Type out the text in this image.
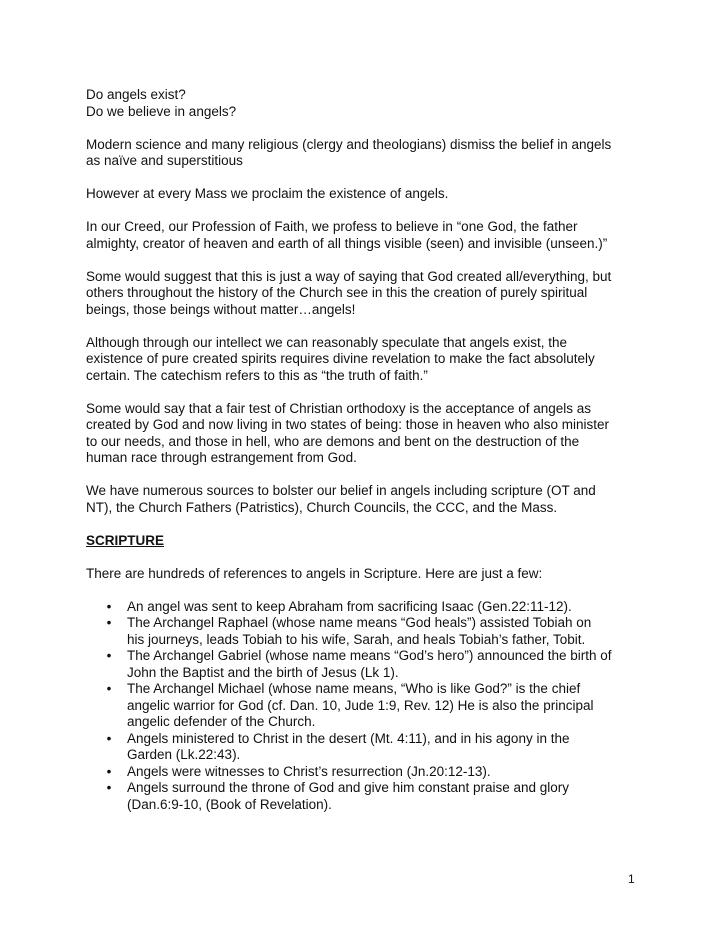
Do angels exist?
Do we believe in angels?
Modern science and many religious (clergy and theologians) dismiss the belief in angels
as naïve and superstitious
However at every Mass we proclaim the existence of angels.
In our Creed, our Profession of Faith, we profess to believe in “one God, the father
almighty, creator of heaven and earth of all things visible (seen) and invisible (unseen.)”
Some would suggest that this is just a way of saying that God created all/everything, but
others throughout the history of the Church see in this the creation of purely spiritual
beings, those beings without matter…angels!
Although through our intellect we can reasonably speculate that angels exist, the
existence of pure created spirits requires divine revelation to make the fact absolutely
certain. The catechism refers to this as “the truth of faith.”
Some would say that a fair test of Christian orthodoxy is the acceptance of angels as
created by God and now living in two states of being: those in heaven who also minister
to our needs, and those in hell, who are demons and bent on the destruction of the
human race through estrangement from God.
We have numerous sources to bolster our belief in angels including scripture (OT and
NT), the Church Fathers (Patristics), Church Councils, the CCC, and the Mass.
SCRIPTURE
There are hundreds of references to angels in Scripture. Here are just a few:
• An angel was sent to keep Abraham from sacrificing Isaac (Gen.22:11-12).
• The Archangel Raphael (whose name means “God heals”) assisted Tobiah on
his journeys, leads Tobiah to his wife, Sarah, and heals Tobiah’s father, Tobit.
• The Archangel Gabriel (whose name means “God’s hero”) announced the birth of
John the Baptist and the birth of Jesus (Lk 1).
• The Archangel Michael (whose name means, “Who is like God?” is the chief
angelic warrior for God (cf. Dan. 10, Jude 1:9, Rev. 12) He is also the principal
angelic defender of the Church.
• Angels ministered to Christ in the desert (Mt. 4:11), and in his agony in the
Garden (Lk.22:43).
• Angels were witnesses to Christ’s resurrection (Jn.20:12-13).
• Angels surround the throne of God and give him constant praise and glory
(Dan.6:9-10, (Book of Revelation).
1
